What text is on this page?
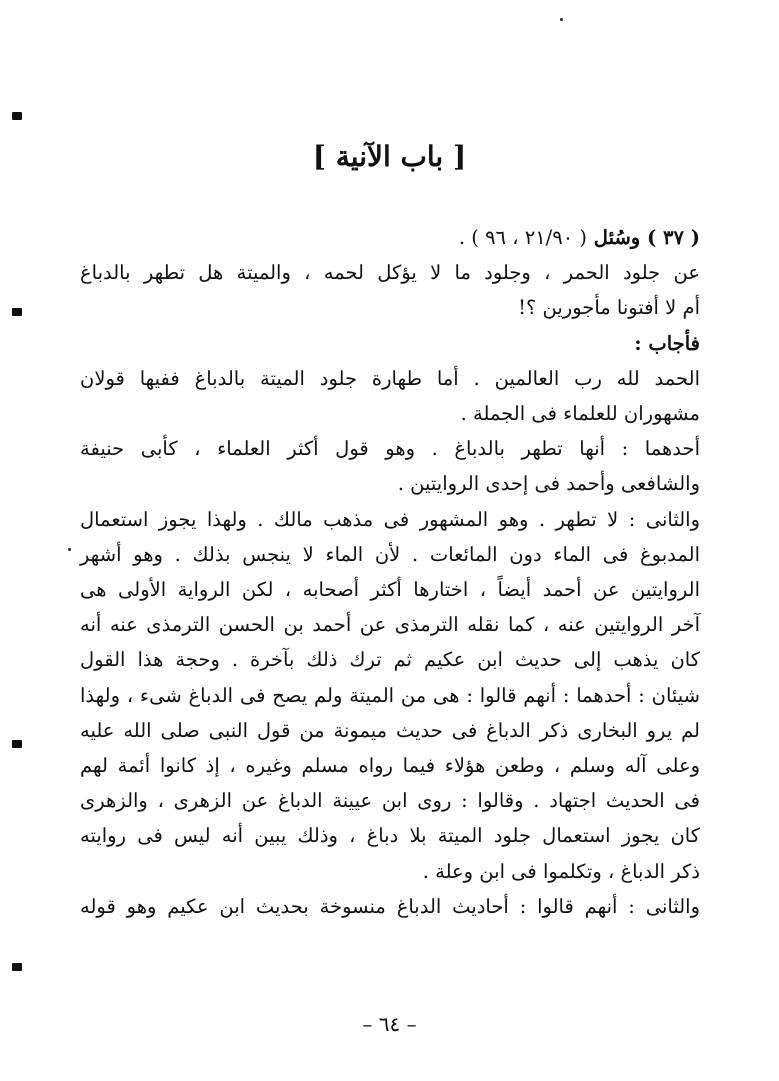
[ باب الآنية ]
( ٣٧ ) وسُئل ( ٢١/٩٠ ، ٩٦ ) .
عن جلود الحمر ، وجلود ما لا يؤكل لحمه ، والميتة هل تطهر بالدباغ
أم لا أفتونا مأجورين ؟!
فأجاب :
الحمد لله رب العالمين . أما طهارة جلود الميتة بالدباغ ففيها قولان
مشهوران للعلماء فى الجملة .
أحدهما : أنها تطهر بالدباغ . وهو قول أكثر العلماء ، كأبى حنيفة
والشافعى وأحمد فى إحدى الروايتين .
والثانى : لا تطهر . وهو المشهور فى مذهب مالك . ولهذا يجوز استعمال
المدبوغ فى الماء دون المائعات . لأن الماء لا ينجس بذلك . وهو أشهر
الروايتين عن أحمد أيضاً ، اختارها أكثر أصحابه ، لكن الرواية الأولى هى
آخر الروايتين عنه ، كما نقله الترمذى عن أحمد بن الحسن الترمذى عنه أنه
كان يذهب إلى حديث ابن عكيم ثم ترك ذلك بآخرة . وحجة هذا القول
شيئان : أحدهما : أنهم قالوا : هى من الميتة ولم يصح فى الدباغ شىء ، ولهذا
لم يرو البخارى ذكر الدباغ فى حديث ميمونة من قول النبى صلى الله عليه
وعلى آله وسلم ، وطعن هؤلاء فيما رواه مسلم وغيره ، إذ كانوا أئمة لهم
فى الحديث اجتهاد . وقالوا : روى ابن عيينة الدباغ عن الزهرى ، والزهرى
كان يجوز استعمال جلود الميتة بلا دباغ ، وذلك يبين أنه ليس فى روايته
ذكر الدباغ ، وتكلموا فى ابن وعلة .
والثانى : أنهم قالوا : أحاديث الدباغ منسوخة بحديث ابن عكيم وهو قوله
– ٦٤ –
